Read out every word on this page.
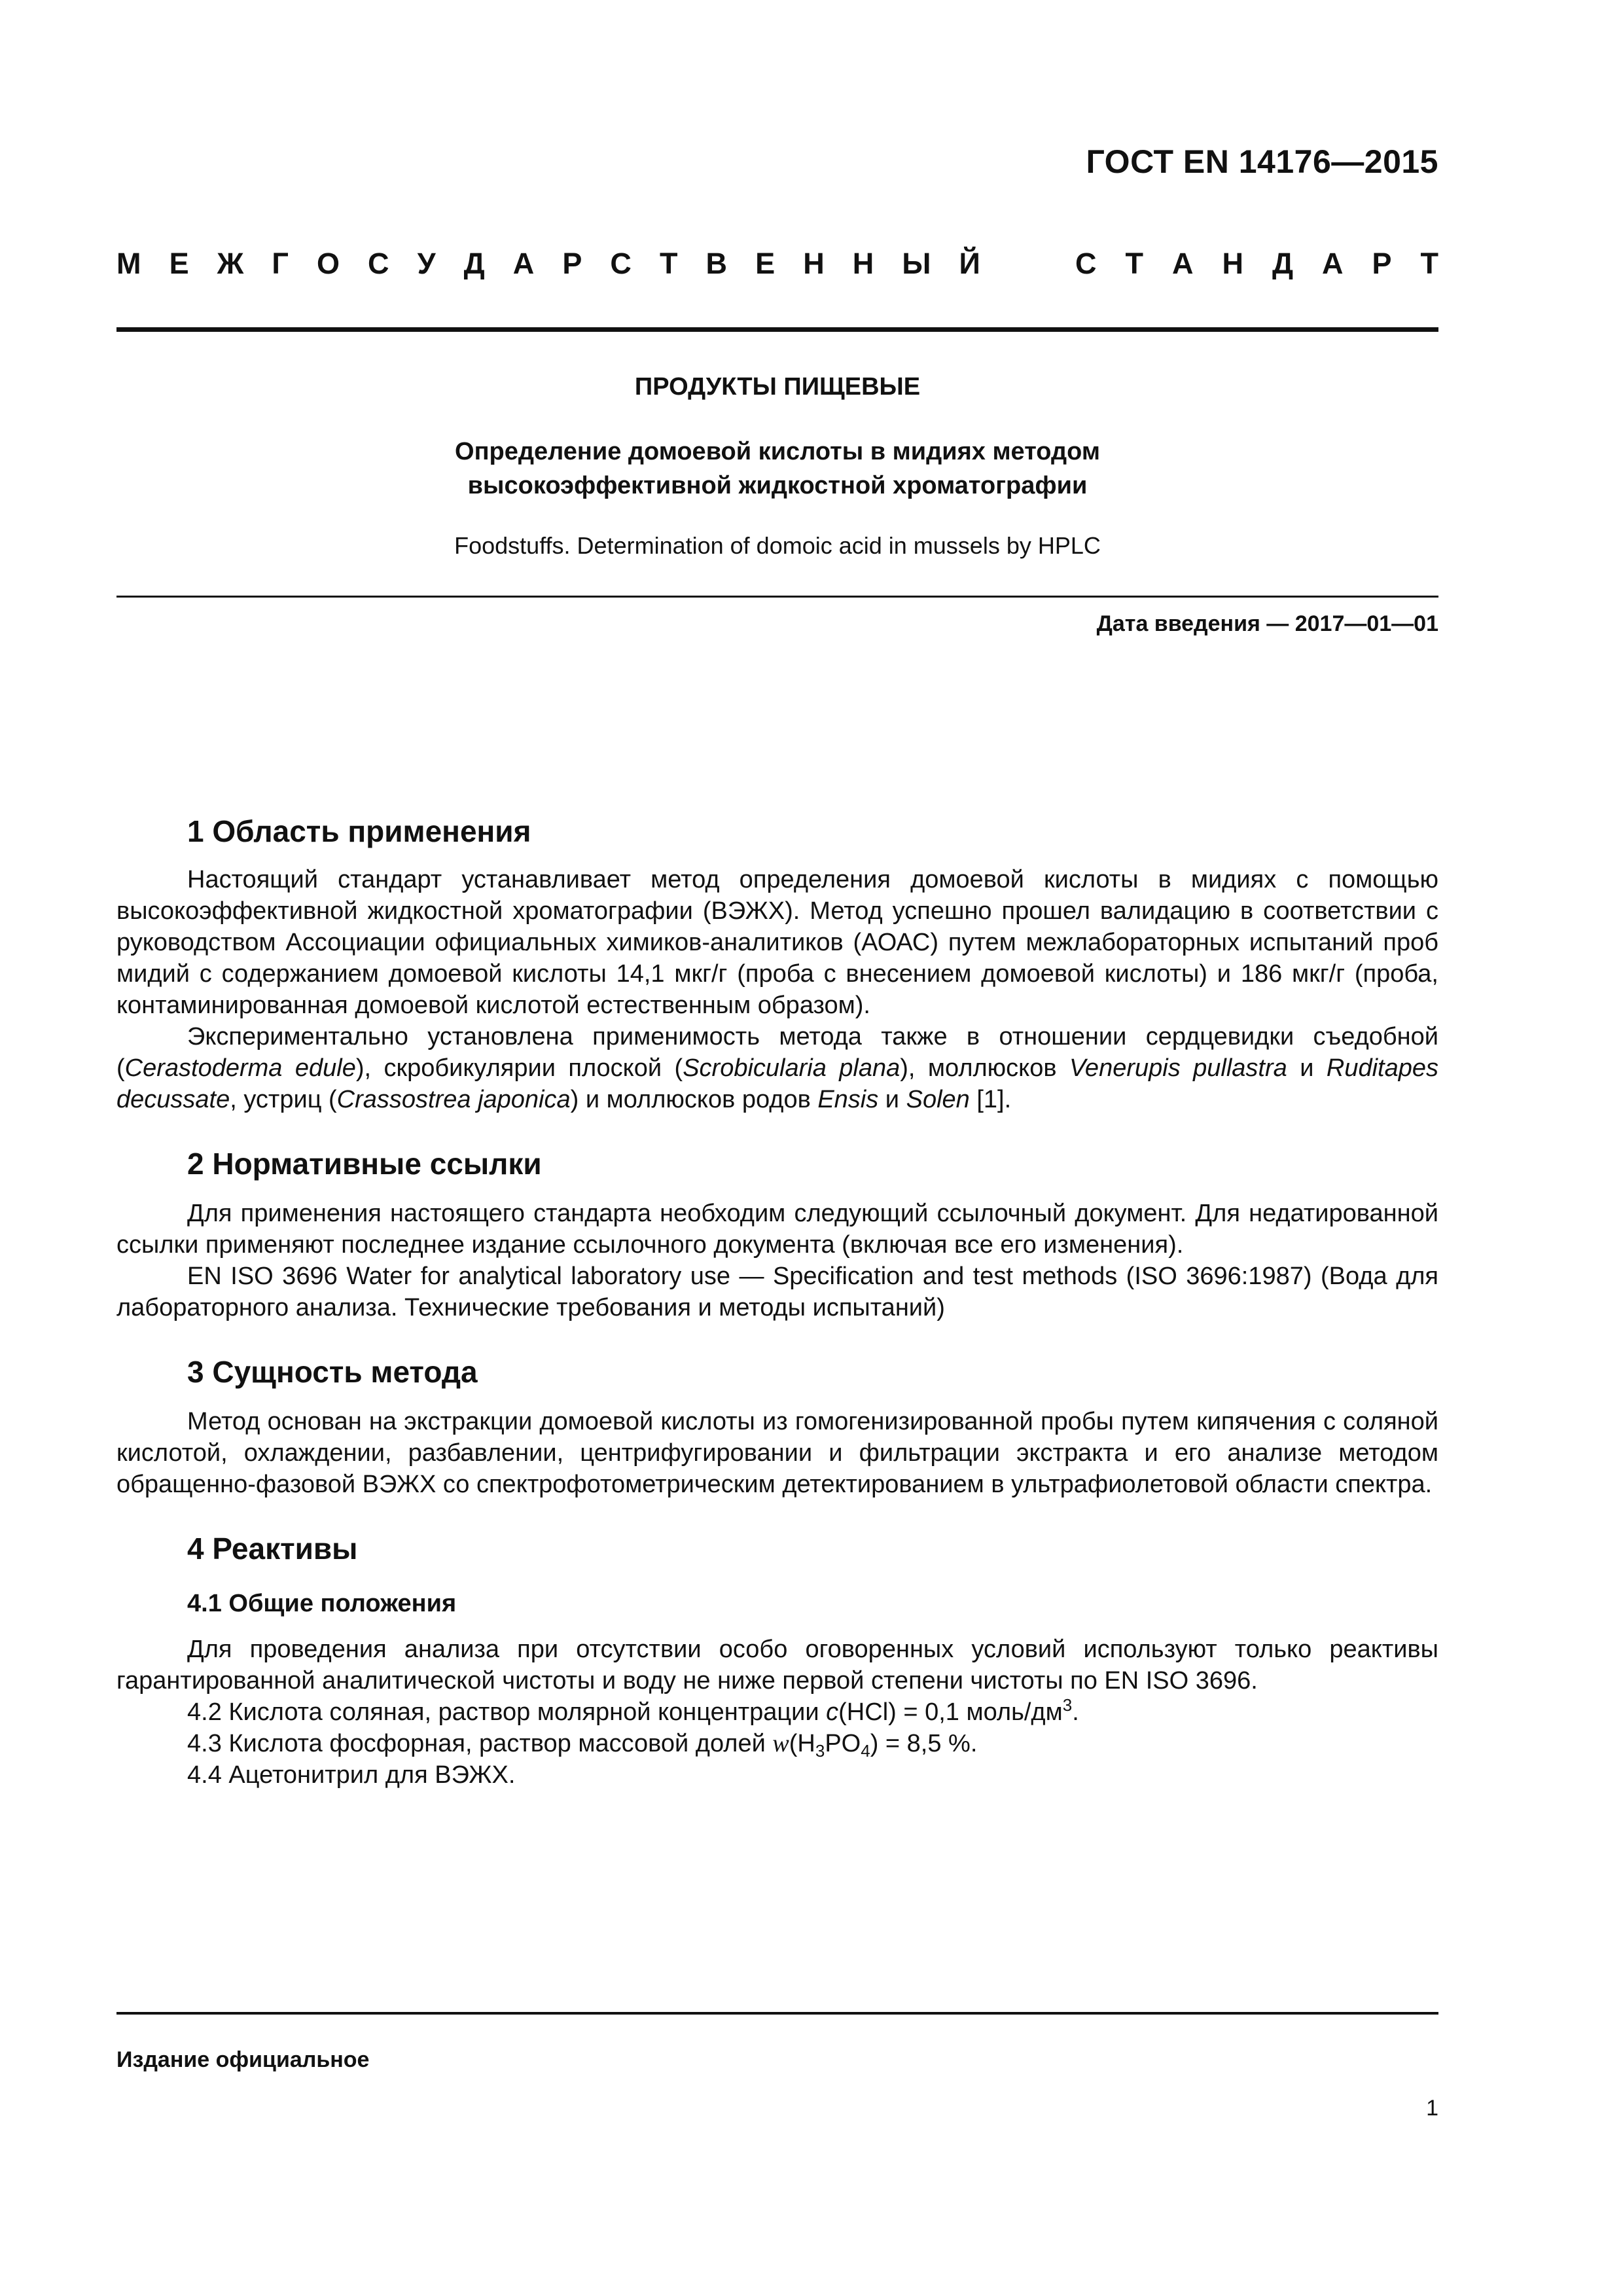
ГОСТ EN 14176—2015
М Е Ж Г О С У Д А Р С Т В Е Н Н Ы Й	С Т А Н Д А Р Т
ПРОДУКТЫ ПИЩЕВЫЕ
Определение домоевой кислоты в мидиях методом
высокоэффективной жидкостной хроматографии
Foodstuffs. Determination of domoic acid in mussels by HPLC
Дата введения — 2017—01—01
1 Область применения

Настоящий стандарт устанавливает метод определения домоевой кислоты в мидиях с помощью высокоэффективной жидкостной хроматографии (ВЭЖХ). Метод успешно прошел валидацию в соответствии с руководством Ассоциации официальных химиков-аналитиков (АОАС) путем межлабораторных испытаний проб мидий с содержанием домоевой кислоты 14,1 мкг/г (проба с внесением домоевой кислоты) и 186 мкг/г (проба, контаминированная домоевой кислотой естественным образом).

Экспериментально установлена применимость метода также в отношении сердцевидки съедобной (Cerastoderma edule), скробикулярии плоской (Scrobicularia plana), моллюсков Venerupis pullastra и Ruditapes decussate, устриц (Crassostrea japonica) и моллюсков родов Ensis и Solen [1].

2 Нормативные ссылки

Для применения настоящего стандарта необходим следующий ссылочный документ. Для недатированной ссылки применяют последнее издание ссылочного документа (включая все его изменения).

EN ISO 3696 Water for analytical laboratory use — Specification and test methods (ISO 3696:1987) (Вода для лабораторного анализа. Технические требования и методы испытаний)

3 Сущность метода

Метод основан на экстракции домоевой кислоты из гомогенизированной пробы путем кипячения с соляной кислотой, охлаждении, разбавлении, центрифугировании и фильтрации экстракта и его анализе методом обращенно-фазовой ВЭЖХ со спектрофотометрическим детектированием в ультрафиолетовой области спектра.

4 Реактивы
4.1 Общие положения

Для проведения анализа при отсутствии особо оговоренных условий используют только реактивы гарантированной аналитической чистоты и воду не ниже первой степени чистоты по EN ISO 3696.

4.2 Кислота соляная, раствор молярной концентрации с(HCl) = 0,1 моль/$дм^3$.

4.3 Кислота фосфорная, раствор массовой долей $w(H_3PO_4) = 8,5$ %.

4.4 Ацетонитрил для ВЭЖХ.

Издание официальное
1
